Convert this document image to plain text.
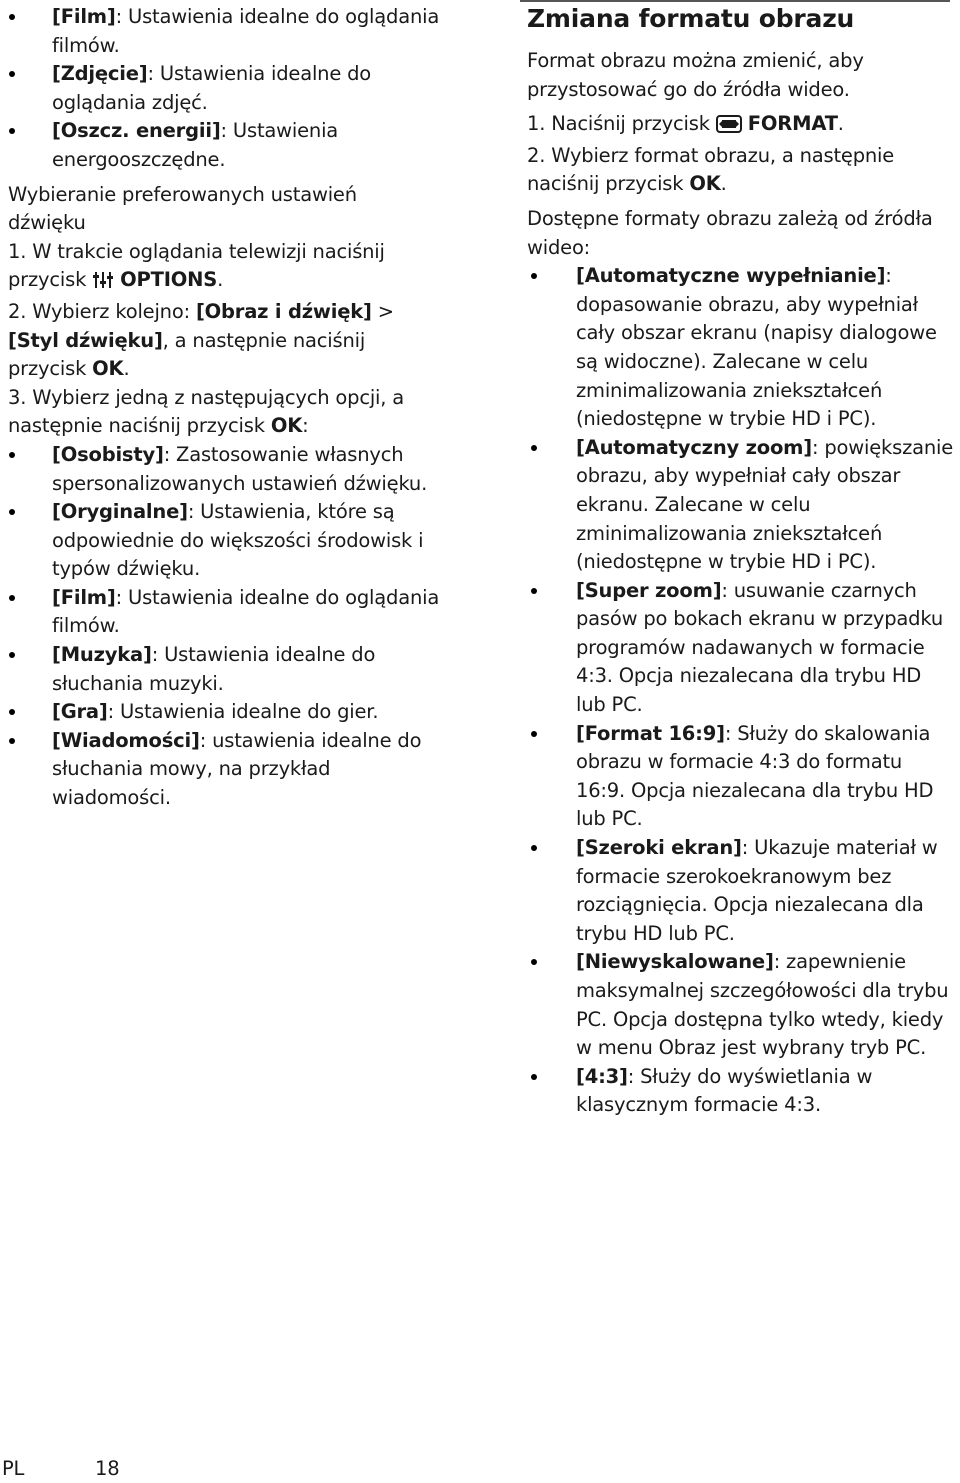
[Film]: Ustawienia idealne do oglądania filmów.

[Zdjęcie]: Ustawienia idealne do oglądania zdjęć.

[Oszcz. energii]: Ustawienia energooszczędne.

Wybieranie preferowanych ustawień dźwięku

1. W trakcie oglądania telewizji naciśnij przycisk OPTIONS.

2. Wybierz kolejno: [Obraz i dźwięk] > [Styl dźwięku], a następnie naciśnij przycisk OK.

3. Wybierz jedną z następujących opcji, a następnie naciśnij przycisk OK:

[Osobisty]: Zastosowanie własnych spersonalizowanych ustawień dźwięku.

[Oryginalne]: Ustawienia, które są odpowiednie do większości środowisk i typów dźwięku.

[Film]: Ustawienia idealne do oglądania filmów.

[Muzyka]: Ustawienia idealne do słuchania muzyki.

[Gra]: Ustawienia idealne do gier.

[Wiadomości]: ustawienia idealne do słuchania mowy, na przykład wiadomości.

Zmiana formatu obrazu

Format obrazu można zmienić, aby przystosować go do źródła wideo.

1. Naciśnij przycisk FORMAT.

2. Wybierz format obrazu, a następnie naciśnij przycisk OK.

Dostępne formaty obrazu zależą od źródła wideo:

[Automatyczne wypełnianie]: dopasowanie obrazu, aby wypełniał cały obszar ekranu (napisy dialogowe są widoczne). Zalecane w celu zminimalizowania zniekształceń (niedostępne w trybie HD i PC).

[Automatyczny zoom]: powiększanie obrazu, aby wypełniał cały obszar ekranu. Zalecane w celu zminimalizowania zniekształceń (niedostępne w trybie HD i PC).

[Super zoom]: usuwanie czarnych pasów po bokach ekranu w przypadku programów nadawanych w formacie 4:3. Opcja niezalecana dla trybu HD lub PC.

[Format 16:9]: Służy do skalowania obrazu w formacie 4:3 do formatu 16:9. Opcja niezalecana dla trybu HD lub PC.

[Szeroki ekran]: Ukazuje materiał w formacie szerokoekranowym bez rozciągnięcia. Opcja niezalecana dla trybu HD lub PC.

[Niewyskalowane]: zapewnienie maksymalnej szczegółowości dla trybu PC. Opcja dostępna tylko wtedy, kiedy w menu Obraz jest wybrany tryb PC.

[4:3]: Służy do wyświetlania w klasycznym formacie 4:3.

PL	18
